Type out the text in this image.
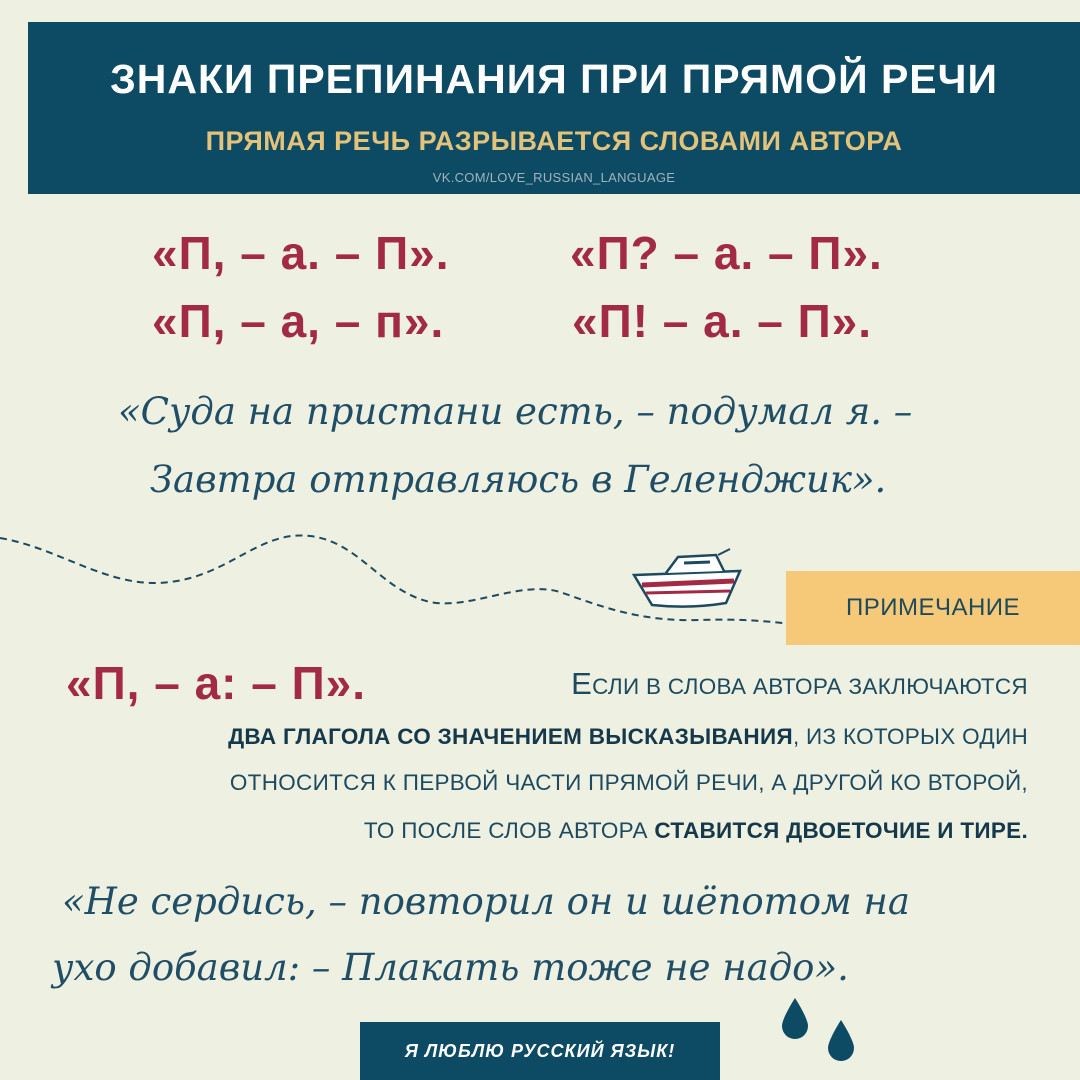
ЗНАКИ ПРЕПИНАНИЯ ПРИ ПРЯМОЙ РЕЧИ
ПРЯМАЯ РЕЧЬ РАЗРЫВАЕТСЯ СЛОВАМИ АВТОРА
VK.COM/LOVE_RUSSIAN_LANGUAGE
«П, – а. – П».	«П? – а. – П».
«П, – а, – п».	«П! – а. – П».
«Суда на пристани есть, – подумал я. –
Завтра отправляюсь в Геленджик».
ПРИМЕЧАНИЕ
«П, – а: – П».	ЕСЛИ В СЛОВА АВТОРА ЗАКЛЮЧАЮТСЯ
ДВА ГЛАГОЛА СО ЗНАЧЕНИЕМ ВЫСКАЗЫВАНИЯ, ИЗ КОТОРЫХ ОДИН
ОТНОСИТСЯ К ПЕРВОЙ ЧАСТИ ПРЯМОЙ РЕЧИ, А ДРУГОЙ КО ВТОРОЙ,
ТО ПОСЛЕ СЛОВ АВТОРА СТАВИТСЯ ДВОЕТОЧИЕ И ТИРЕ.
«Не сердись, – повторил он и шёпотом на
ухо добавил: – Плакать тоже не надо».
Я ЛЮБЛЮ РУССКИЙ ЯЗЫК!
